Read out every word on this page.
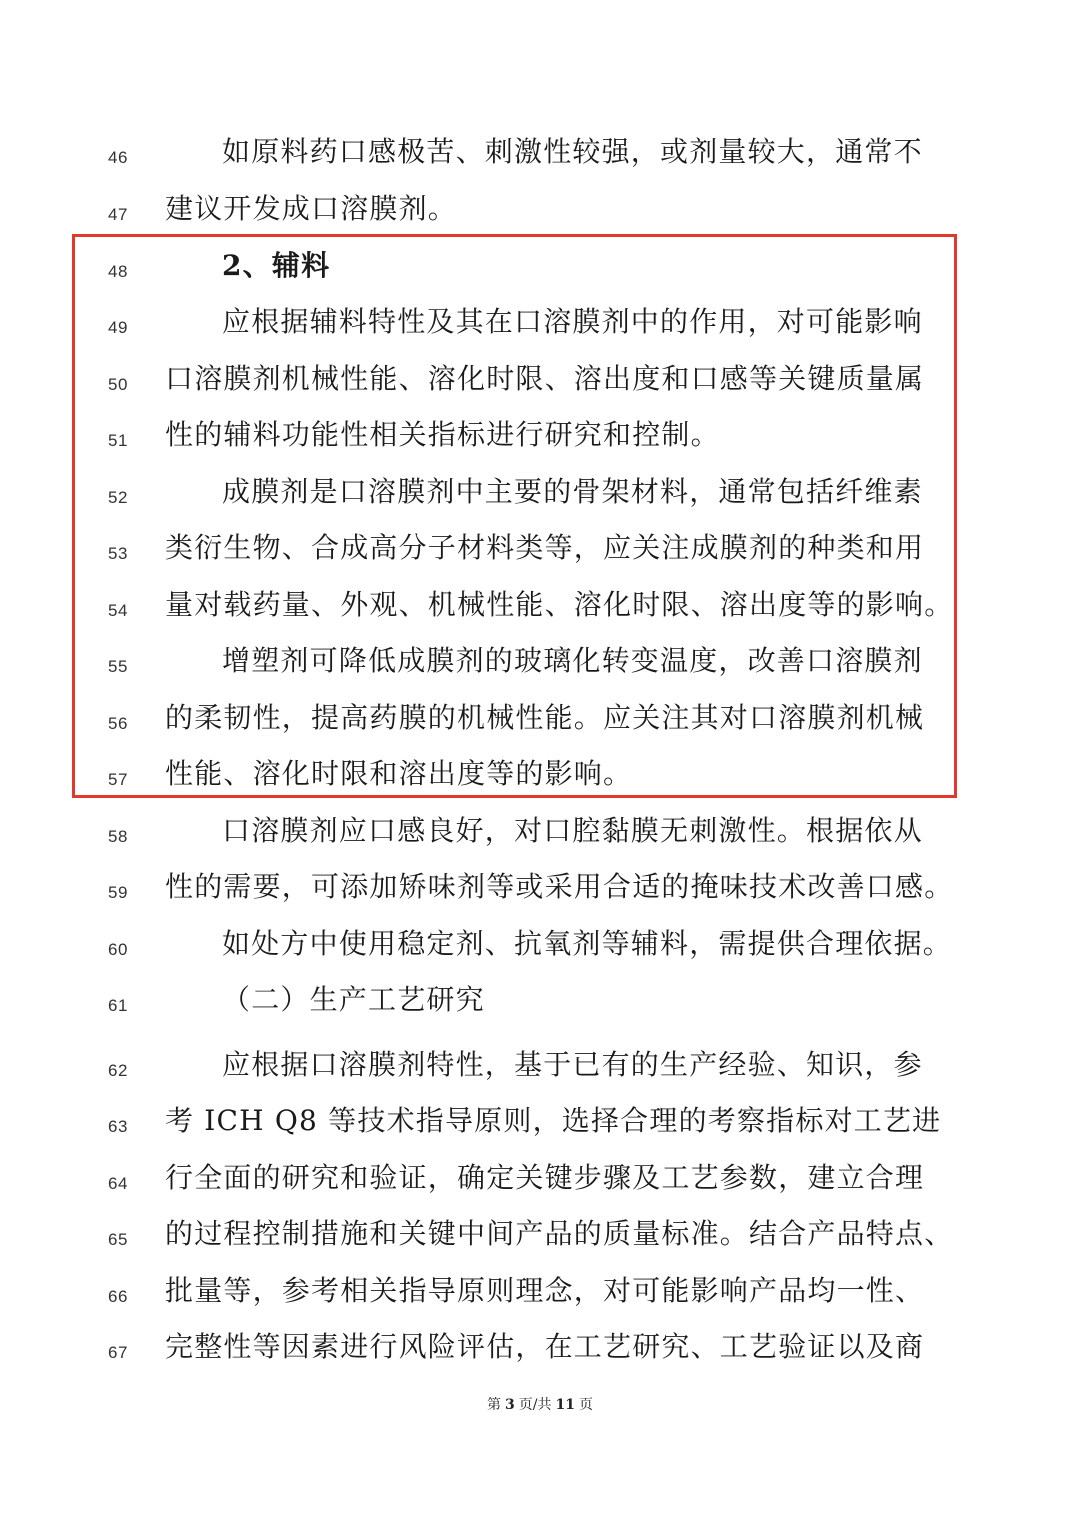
46	如原料药口感极苦、刺激性较强，或剂量较大，通常不
47	建议开发成口溶膜剂。
48	2、辅料
49	应根据辅料特性及其在口溶膜剂中的作用，对可能影响
50	口溶膜剂机械性能、溶化时限、溶出度和口感等关键质量属
51	性的辅料功能性相关指标进行研究和控制。
52	成膜剂是口溶膜剂中主要的骨架材料，通常包括纤维素
53	类衍生物、合成高分子材料类等，应关注成膜剂的种类和用
54	量对载药量、外观、机械性能、溶化时限、溶出度等的影响。
55	增塑剂可降低成膜剂的玻璃化转变温度，改善口溶膜剂
56	的柔韧性，提高药膜的机械性能。应关注其对口溶膜剂机械
57	性能、溶化时限和溶出度等的影响。
58	口溶膜剂应口感良好，对口腔黏膜无刺激性。根据依从
59	性的需要，可添加矫味剂等或采用合适的掩味技术改善口感。
60	如处方中使用稳定剂、抗氧剂等辅料，需提供合理依据。
61	（二）生产工艺研究
62	应根据口溶膜剂特性，基于已有的生产经验、知识，参
63	考 ICH Q8 等技术指导原则，选择合理的考察指标对工艺进
64	行全面的研究和验证，确定关键步骤及工艺参数，建立合理
65	的过程控制措施和关键中间产品的质量标准。结合产品特点、
66	批量等，参考相关指导原则理念，对可能影响产品均一性、
67	完整性等因素进行风险评估，在工艺研究、工艺验证以及商
第 3 页/共 11 页
